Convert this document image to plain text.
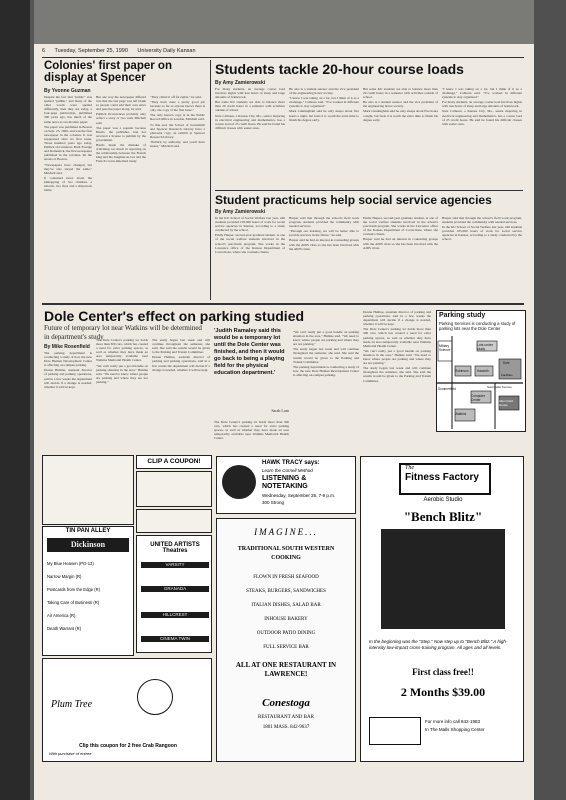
6 Tuesday, September 25, 1990 University Daily Kansan
Colonies' first paper on display at Spencer
By Yvonne Guzman

Despite the fact that "public" was spelled "publik," and many of the other words were spelled differently, then they are today, a four-page publication, published 300 years ago, has much of the same news as our modern paper.

The paper was published in Boston on Sept. 25, 1690, and was the first newspaper in the colonies. It was suppressed after its first issue. Those hundred years ago today, Publick Occurrences Both Foreign and Domestick, the first newspaper published in the colonies, hit the streets of Boston.

"Newspapers have changed, but they've also stayed the same," Mitchell said.

It contained news about the kidnapping of two children, a smooth, two fires and a shipwreck battle.

But one way the newspaper differed was that the last page was left blank so people could add their own news and pass the paper along, he said.

Publick Occurrences probably only reflect a story or two said, Mitchell said.

The paper was a popular because Harris, the publisher, had not received a license to publish by the government.

Harris made the mistake of criticizing too much in reporting on the relationship between the French king and his daughter-in-law and the French crown-inherited treaty.

"They called it off for rights," he said.

"They have done a pretty good job because so far as anyone knows there is only one copy of the first issue."

The only known copy is in the Public Record Office in London, Mitchell said.

To this end, the School of Journalism and Spencer Research Library have a photostat copy on exhibit at Spencer Research Library.

"Publick by authority, and you'll have issues," Mitchell said.

Students tackle 20-hour course loads
By Amy Zamierowski

For many students, an average course load involves nights with less hours of sleep and large amounts of homework.

But some KU students are able to balance more than 20 credit hours in a semester with activities outside of school.

Nate Calhoun, a Kansas City, Mo., senior majoring in electrical engineering and mathematics, has a course load of 23 credit hours. He said he found his difficult classes with easier ones.

He also is a student senator and the vice president of the engineering honor society.

"I knew I was taking on a lot, but I think of it as a challenge," Calhoun said. "I've worked in different systems to stay organized."

Mark Cunningham said he only sleeps about five hours a night, but feels it is worth the extra time to finish his degree early.

But some KU students are able to balance more than 20 credit hours in a semester with activities outside of school.

He also is a student senator and the vice president of the engineering honor society.

Mark Cunningham said he only sleeps about five hours a night, but feels it is worth the extra time to finish his degree early.

"I knew I was taking on a lot, but I think of it as a challenge," Calhoun said. "I've worked in different systems to stay organized."

For many students, an average course load involves nights with less hours of sleep and large amounts of homework.

Nate Calhoun, a Kansas City, Mo., senior majoring in electrical engineering and mathematics, has a course load of 23 credit hours. He said he found his difficult classes with easier ones.

Student practicums help social service agencies
By Amy Zamierowski

In the KU School of Social Welfare last year, 246 students provided 105,000 hours of work for social service agencies in Kansas, according to a study conducted by the school.

Emily Harper, second-year graduate student, is one of the social welfare students involved in the school's practicum program. She works in the Lawrence office of the Kansas Department of Corrections, where she counsels clients.

Harper said that through the school's field work program, students provided the community with needed services.

"Through our learning, we will be better able to provide services in the future," he said.

Harper said he had an interest in counseling groups with the AIDS virus so she has been involved with the AIDS crisis.

Emily Harper, second-year graduate student, is one of the social welfare students involved in the school's practicum program. She works in the Lawrence office of the Kansas Department of Corrections, where she counsels clients.

Harper said he had an interest in counseling groups with the AIDS virus so she has been involved with the AIDS crisis.

Harper said that through the school's field work program, students provided the community with needed services.

In the KU School of Social Welfare last year, 246 students provided 105,000 hours of work for social service agencies in Kansas, according to a study conducted by the school.

Dole Center's effect on parking studied
Future of temporary lot near Watkins will be determined in department's study
By Mike Rosenfield

The parking department is conducting a study of how the new Dole Human Development Center is affecting on-campus parking.

Donna Hultine, assistant director of parking and parking operations, said in a few weeks the department will decide if a change is needed, whether it will be kept.

The Dole Center's parking lot holds more than 300 cars, which has created a need for extra parking spaces, as well as whether they have made an area temporarily available near Watkins Memorial Health Center.

"We can't really put a good handle on parking situation in the area," Hultine said. "We need to know where people are parking and where they are not parking."

The study began last week and will continue throughout the semester, she said. She said the results would be given to the Parking and Transit Committee.

Donna Hultine, assistant director of parking and parking operations, said in a few weeks the department will decide if a change is needed, whether it will be kept.

'Judith Ramaley said this would be a temporary lot until the Dole Center was finished, and then it would go back to being a playing field for the physical education department.'
Sarah Lum

The Dole Center's parking lot holds more than 300 cars, which has created a need for extra parking spaces, as well as whether they have made an area temporarily available near Watkins Memorial Health Center.

"We can't really put a good handle on parking situation in the area," Hultine said. "We need to know where people are parking and where they are not parking."

The study began last week and will continue throughout the semester, she said. She said the results would be given to the Parking and Transit Committee.

The parking department is conducting a study of how the new Dole Human Development Center is affecting on-campus parking.

Donna Hultine, assistant director of parking and parking operations, said in a few weeks the department will decide if a change is needed, whether it will be kept.

The Dole Center's parking lot holds more than 300 cars, which has created a need for extra parking spaces, as well as whether they have made an area temporarily available near Watkins Memorial Health Center.

"We can't really put a good handle on parking situation in the area," Hultine said. "We need to know where people are parking and where they are not parking."

The study began last week and will continue throughout the semester, she said. She said the results would be given to the Parking and Transit Committee.

Parking study
Parking Services is conducting a study of parking lots near the Dole Center
Military Science
Lots under study
Robinson	Haworth
Dole
Facilities
Allen Field House
Summerfield
Computer Center
Watkins
Sunnyside Avenue
CLIP A COUPON!	HAWK TRACY says:
Learn the Cornell Method
LISTENING & NOTETAKING
Wednesday, September 26, 7-9 p.m.
300 Strong
TIN PAN ALLEY
Dickinson
My Blue Heaven (PG-13)
Narrow Margin (R)
Postcards from the Edge (R)
Taking Care of Business (R)
Air America (R)
Death Warrant (R)
UNITED ARTISTS Theatres
VARSITY
GRANADA
HILLCREST
CINEMA TWIN
Plum Tree
Clip this coupon for 2 free Crab Rangoon
With purchase of entree
IMAGINE...
TRADITIONAL SOUTH WESTERN COOKING
FLOWN IN FRESH SEAFOOD
STEAKS, BURGERS, SANDWICHES
ITALIAN DISHES, SALAD BAR
INHOUSE BAKERY
OUTDOOR PATIO DINING
FULL SERVICE BAR
ALL AT ONE RESTAURANT IN LAWRENCE!
Conestoga
RESTAURANT AND BAR
1801 MASS. 842-9637
The
Fitness Factory
Aerobic Studio
"Bench Blitz"
In the beginning was the "Step." Now step up to "Bench Blitz." A high-intensity low-impact cross-training program. All ages and all levels.
First class free!!
2 Months $39.00
For more info call 842-1983
In The Malls Shopping Center
